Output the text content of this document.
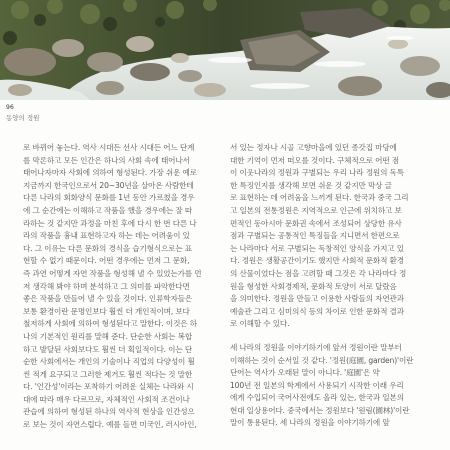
96
동양의 정원

로 바뀌어 놓는다. 역사 시대든 선사 시대든 어느 단계
를 막론하고 모든 인간은 하나의 사회 속에 태어나서
태어나자마자 사회에 의하여 형성된다. 가장 쉬운 예로
지금까지 한국인으로서 20~30년을 살아온 사람한테
다른 나라의 회화양식 문화를 1년 동안 가르쳤을 경우
에 그 순간에는 이해하고 작품을 했을 경우에는 잘 따
라하는 것 같지만 과정을 마친 후에 다시 한 번 다른 나
라의 작품을 흉내 표현하고자 하는 데는 어려움이 있
다. 그 이유는 다른 문화의 경식을 습기형식으로는 표
현할 수 없기 때문이다. 어떤 경우에는 먼저 그 문화,
즉 과연 어떻게 자연 작품을 형성해 낼 수 있었는가를 먼
저 생각해 봐야 하며 분석하고 그 의미를 파악한다면
좋은 작품을 만들어 낼 수 있을 것이다. 인류학자들은
보통 환경이란 문명인보다 훨씬 더 개인적이며, 보다
철저하게 사회에 의하여 형성된다고 말한다. 이것은 하
나의 기본적인 원리를 말해 준다. 단순한 사회는 복합
하고 발달된 사회보다도 훨씬 더 획일적이다. 이는 단
순한 사회에서는 개인의 기술이나 직업의 다양성이 훨
씬 적게 요구되고 그러한 제거도 훨씬 적다는 것 말한
다. '인간성'이라는 포착하기 어려운 실체는 나라와 시
대에 따라 매우 다르므로, 자체적인 사회적 조건이나
관습에 의하여 형성된 하나의 역사적 현상을 인간성으
로 보는 것이 자연스럽다. 예를 들면 미국인, 러시아인,

서 있는 정자나 시골 고향마을에 있던 종갓집 마당에
대한 기억이 먼저 떠오를 것이다. 구체적으로 어떤 점
이 이웃나라의 정원과 구별되는 우리 나라 정원의 독특
한 특징인지를 생각해 보면 쉬운 것 같지만 막상 글
로 표현하는 데 어려움을 느끼게 된다. 한국과 중국 그리
고 일본의 전통정원은 지역적으로 인근에 위치하고 보
편적인 동아시아 문화권 속에서 조성되어 상당한 유사
점과 구별되는 공통적인 특징들을 지니면서 한편으로
는 나라마다 서로 구별되는 독창적인 양식을 가지고 있
다. 정원은 생활공간이기도 했지만 사회적 문화적 환경
의 산물이었다는 점을 고려할 때 그것은 각 나라마다 정
원을 형성한 사회경제적, 문화적 토양이 서로 달랐음
을 의미한다. 정원을 만들고 이용한 사람들의 자연관과
예술관 그리고 심미의식 등의 차이로 인한 문화적 결과
로 이해할 수 있다.

세 나라의 정원을 이야기하기에 앞서 정원이란 말부터
이해하는 것이 순서일 것 같다. '정원(庭園, garden)'이란
단어는 역사가 오래된 말이 아니다. '庭園'은 약
100년 전 일본의 학계에서 사용되기 시작한 이래 우리
에게 수입되어 국어사전에도 올라 있는, 한국과 일본의
현대 일상용어다. 중국에서는 정원보다 '원림(園林)'이란
말이 통용된다. 세 나라의 정원을 이야기하기에 앞
